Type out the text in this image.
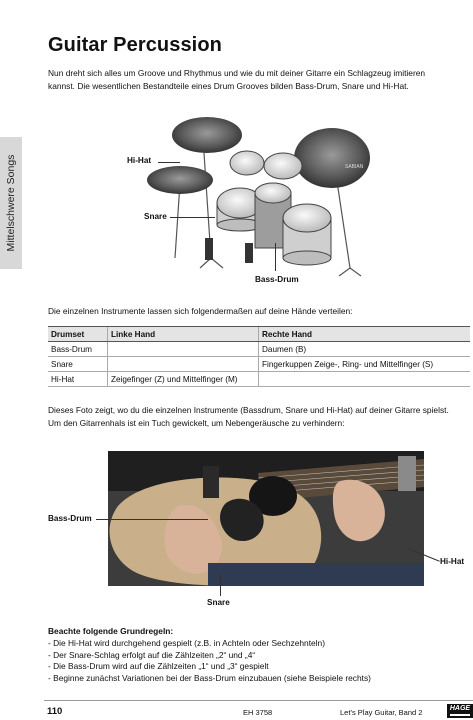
Mittelschwere Songs
Guitar Percussion
Nun dreht sich alles um Groove und Rhythmus und wie du mit deiner Gitarre ein Schlagzeug imitieren kannst. Die wesentlichen Bestandteile eines Drum Grooves bilden Bass-Drum, Snare und Hi-Hat.
SABIAN
Hi-Hat
Snare
Bass-Drum
Die einzelnen Instrumente lassen sich folgendermaßen auf deine Hände verteilen:
Drumset	Linke Hand	Rechte Hand
Bass-Drum		Daumen (B)
Snare		Fingerkuppen Zeige-, Ring- und Mittelfinger (S)
Hi-Hat	Zeigefinger (Z) und Mittelfinger (M)	
Dieses Foto zeigt, wo du die einzelnen Instrumente (Bassdrum, Snare und Hi-Hat) auf deiner Gitarre spielst. Um den Gitarrenhals ist ein Tuch gewickelt, um Nebengeräusche zu verhindern:
Bass-Drum
Hi-Hat
Snare
Beachte folgende Grundregeln:
- Die Hi-Hat wird durchgehend gespielt (z.B. in Achteln oder Sechzehnteln)
- Der Snare-Schlag erfolgt auf die Zählzeiten „2“ und „4“
- Die Bass-Drum wird auf die Zählzeiten „1“ und „3“ gespielt
- Beginne zunächst Variationen bei der Bass-Drum einzubauen (siehe Beispiele rechts)
110	EH 3758	Let’s Play Guitar, Band 2	HAGE
